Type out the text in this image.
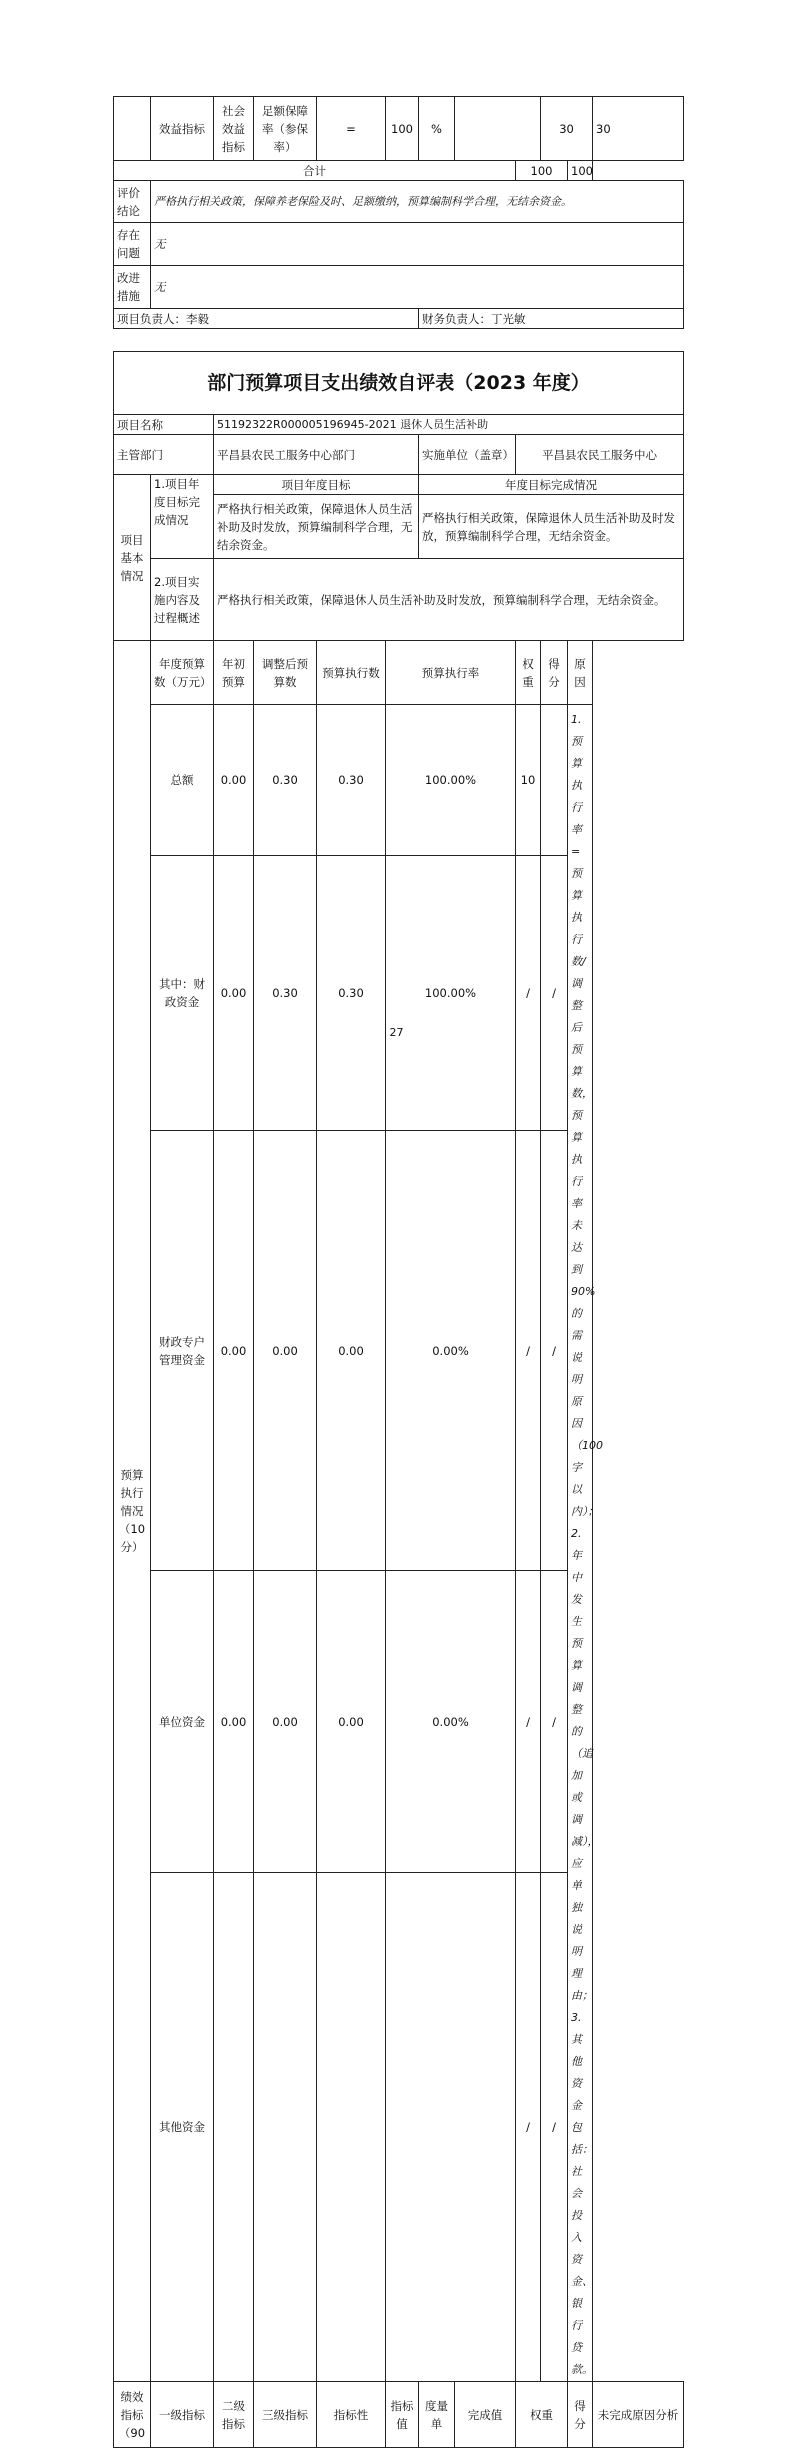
	效益指标	社会效益指标	足额保障率（参保率）	=	100	%			30		30
合计								100		100	
评价结论	严格执行相关政策，保障养老保险及时、足额缴纳，预算编制科学合理，无结余资金。										
存在问题	无										
改进措施	无										
项目负责人：李毅						财务负责人：丁光敏					
部门预算项目支出绩效自评表（2023 年度）											
项目名称		51192322R000005196945-2021 退休人员生活补助									
主管部门		平昌县农民工服务中心部门				实施单位（盖章）		平昌县农民工服务中心			
项目基本情况	1.项目年度目标完成情况	项目年度目标				年度目标完成情况					
		严格执行相关政策，保障退休人员生活补助及时发放，预算编制科学合理，无结余资金。				严格执行相关政策，保障退休人员生活补助及时发放，预算编制科学合理，无结余资金。					
	2.项目实施内容及过程概述	严格执行相关政策，保障退休人员生活补助及时发放，预算编制科学合理，无结余资金。									
预算执行情况（10分）	年度预算数（万元）	年初预算	调整后预算数	预算执行数	预算执行率			权重	得分	原因	
	总额	0.00	0.30	0.30	100.00%			10		1.预算执行率=预算执行数/调整后预算数，预算执行率未达到90%的需说明原因（100字以内）；2.年中发生预算调整的（追加或调减），应单独说明理由；3.其他资金包括：社会投入资金、银行贷款。	
	其中：财政资金	0.00	0.30	0.30	100.00%			/	/		
	财政专户管理资金	0.00	0.00	0.00	0.00%			/	/		
	单位资金	0.00	0.00	0.00	0.00%			/	/		
	其他资金							/	/		
绩效指标（90	一级指标	二级指标	三级指标	指标性	指标值	度量单	完成值	权重		得分	未完成原因分析
27
